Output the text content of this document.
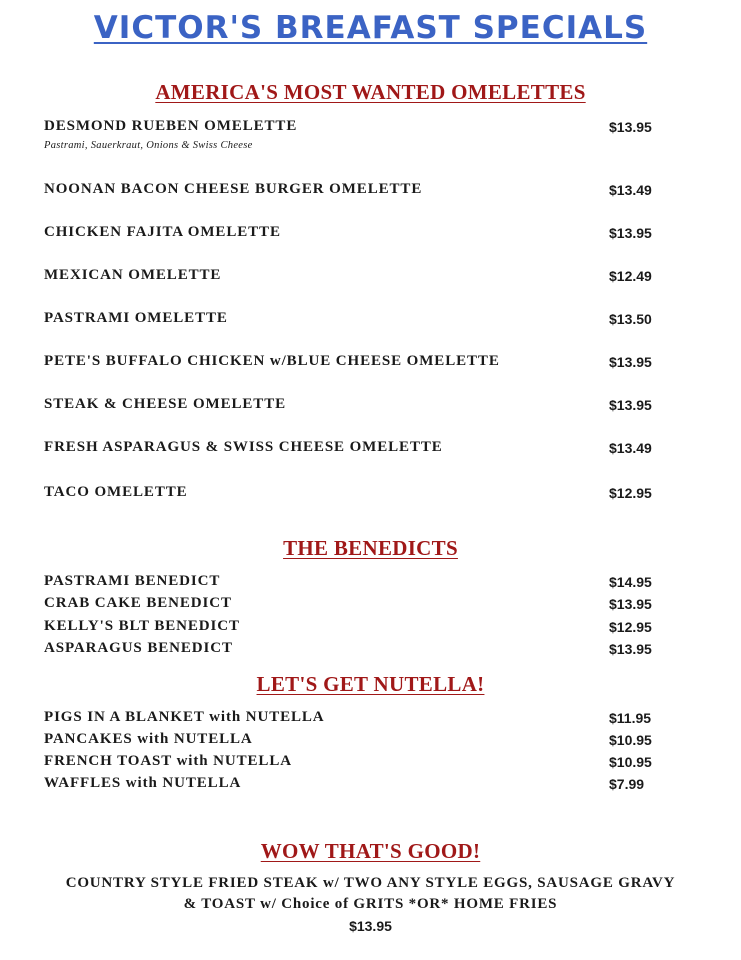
VICTOR'S BREAFAST SPECIALS
AMERICA'S MOST WANTED OMELETTES
DESMOND RUEBEN OMELETTE	$13.95
Pastrami, Sauerkraut, Onions & Swiss Cheese
NOONAN BACON CHEESE BURGER OMELETTE	$13.49
CHICKEN FAJITA OMELETTE	$13.95
MEXICAN OMELETTE	$12.49
PASTRAMI OMELETTE	$13.50
PETE'S BUFFALO CHICKEN w/BLUE CHEESE OMELETTE	$13.95
STEAK & CHEESE OMELETTE	$13.95
FRESH ASPARAGUS & SWISS CHEESE OMELETTE	$13.49
TACO OMELETTE	$12.95
THE BENEDICTS
PASTRAMI BENEDICT	$14.95
CRAB CAKE BENEDICT	$13.95
KELLY'S BLT BENEDICT	$12.95
ASPARAGUS BENEDICT	$13.95
LET'S GET NUTELLA!
PIGS IN A BLANKET with NUTELLA	$11.95
PANCAKES with NUTELLA	$10.95
FRENCH TOAST with NUTELLA	$10.95
WAFFLES with NUTELLA	$7.99
WOW THAT'S GOOD!
COUNTRY STYLE FRIED STEAK w/ TWO ANY STYLE EGGS, SAUSAGE GRAVY
& TOAST w/ Choice of GRITS *OR* HOME FRIES
$13.95
